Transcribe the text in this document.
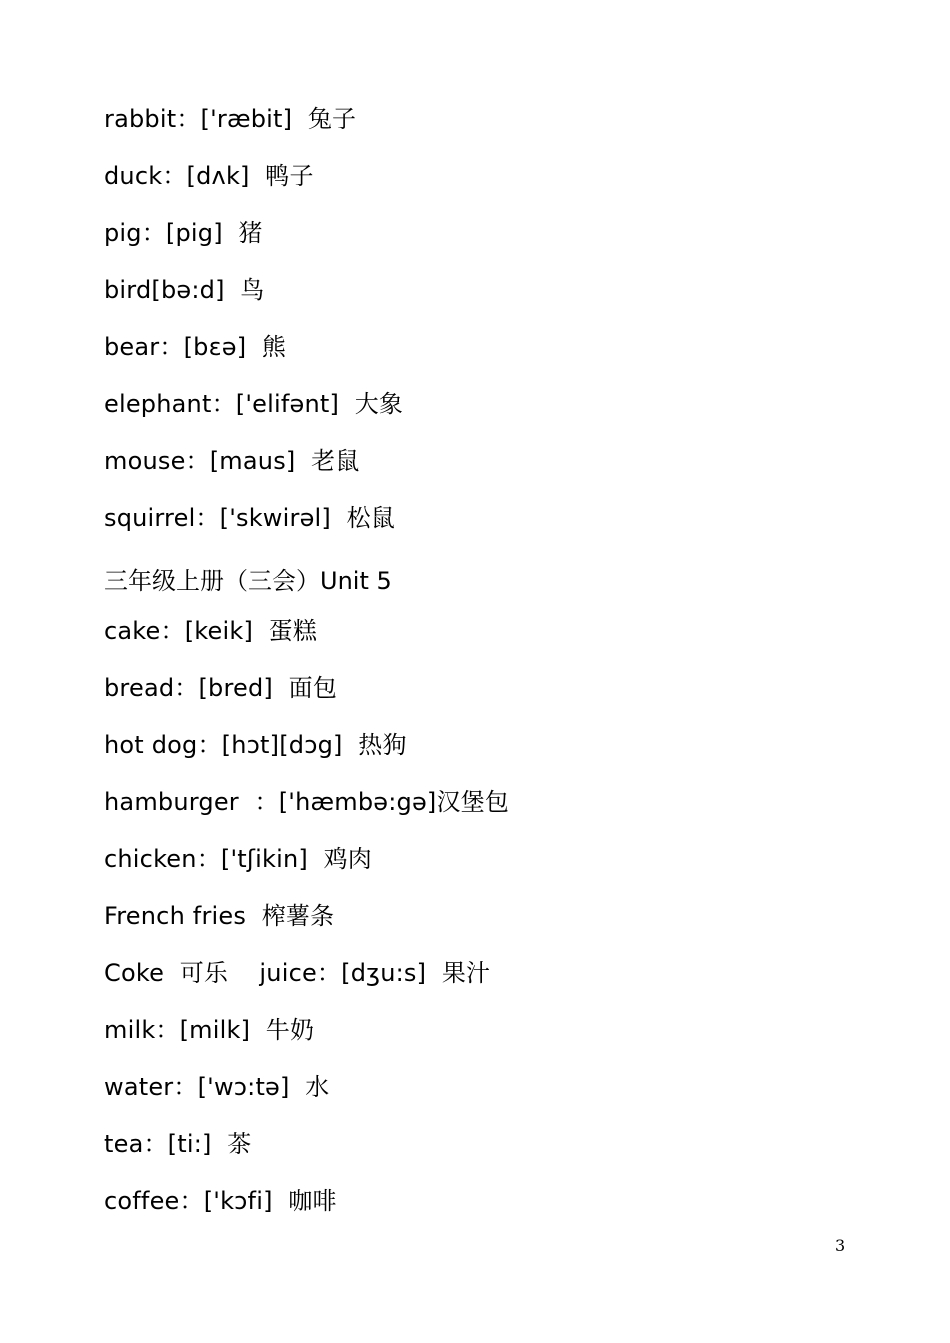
rabbit：['ræbit]  兔子
duck：[dʌk]  鸭子
pig：[pig]  猪
bird[bə:d]  鸟
bear：[bɛə]  熊
elephant：['elifənt]  大象
mouse：[maus]  老鼠
squirrel：['skwirəl]  松鼠
三年级上册（三会）Unit 5
cake：[keik]  蛋糕
bread：[bred]  面包
hot dog：[hɔt][dɔg]  热狗
hamburger  ：['hæmbə:gə]汉堡包
chicken：['tʃikin]  鸡肉
French fries  榨薯条
Coke  可乐    juice：[dʒu:s]  果汁
milk：[milk]  牛奶
water：['wɔ:tə]  水
tea：[ti:]  茶
coffee：['kɔfi]  咖啡
3
